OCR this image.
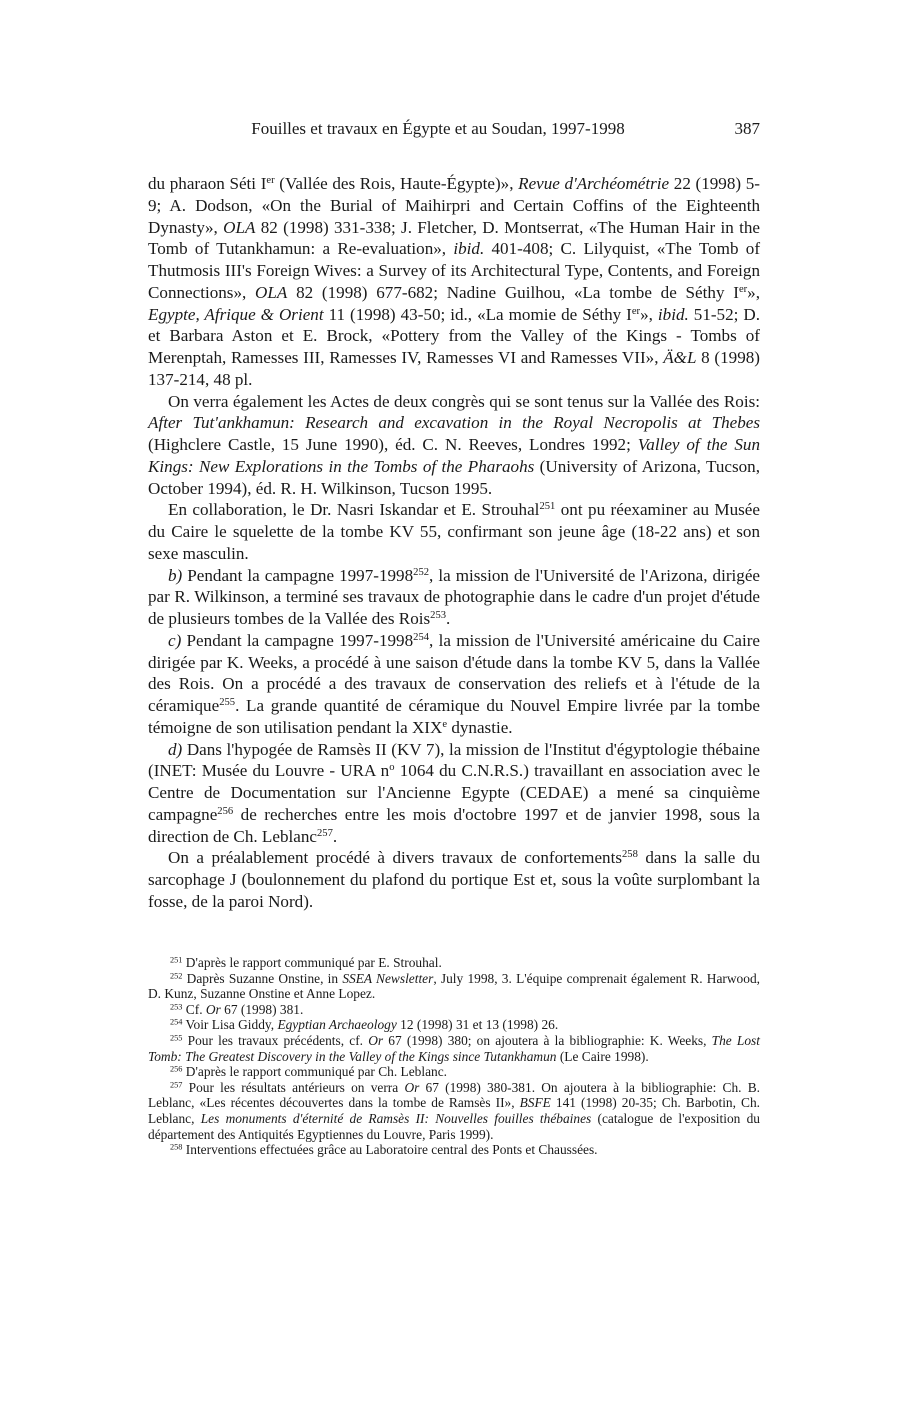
Fouilles et travaux en Égypte et au Soudan, 1997-1998	387

du pharaon Séti Ier (Vallée des Rois, Haute-Égypte)», Revue d'Archéométrie 22 (1998) 5-9; A. Dodson, «On the Burial of Maihirpri and Certain Coffins of the Eighteenth Dynasty», OLA 82 (1998) 331-338; J. Fletcher, D. Montserrat, «The Human Hair in the Tomb of Tutankhamun: a Re-evaluation», ibid. 401-408; C. Lilyquist, «The Tomb of Thutmosis III's Foreign Wives: a Survey of its Architectural Type, Contents, and Foreign Connections», OLA 82 (1998) 677-682; Nadine Guilhou, «La tombe de Séthy Ier», Egypte, Afrique & Orient 11 (1998) 43-50; id., «La momie de Séthy Ier», ibid. 51-52; D. et Barbara Aston et E. Brock, «Pottery from the Valley of the Kings - Tombs of Merenptah, Ramesses III, Ramesses IV, Ramesses VI and Ramesses VII», Ä&L 8 (1998) 137-214, 48 pl.

On verra également les Actes de deux congrès qui se sont tenus sur la Vallée des Rois: After Tut'ankhamun: Research and excavation in the Royal Necropolis at Thebes (Highclere Castle, 15 June 1990), éd. C. N. Reeves, Londres 1992; Valley of the Sun Kings: New Explorations in the Tombs of the Pharaohs (University of Arizona, Tucson, October 1994), éd. R. H. Wilkinson, Tucson 1995.

En collaboration, le Dr. Nasri Iskandar et E. Strouhal$^{251}$ ont pu réexaminer au Musée du Caire le squelette de la tombe KV 55, confirmant son jeune âge (18-22 ans) et son sexe masculin.

b) Pendant la campagne 1997-1998$^{252}$, la mission de l'Université de l'Arizona, dirigée par R. Wilkinson, a terminé ses travaux de photographie dans le cadre d'un projet d'étude de plusieurs tombes de la Vallée des Rois$^{253}$.

c) Pendant la campagne 1997-1998$^{254}$, la mission de l'Université américaine du Caire dirigée par K. Weeks, a procédé à une saison d'étude dans la tombe KV 5, dans la Vallée des Rois. On a procédé a des travaux de conservation des reliefs et à l'étude de la céramique$^{255}$. La grande quantité de céramique du Nouvel Empire livrée par la tombe témoigne de son utilisation pendant la XIXe dynastie.

d) Dans l'hypogée de Ramsès II (KV 7), la mission de l'Institut d'égyptologie thébaine (INET: Musée du Louvre - URA $n^o$ 1064 du C.N.R.S.) travaillant en association avec le Centre de Documentation sur l'Ancienne Egypte (CEDAE) a mené sa cinquième campagne$^{256}$ de recherches entre les mois d'octobre 1997 et de janvier 1998, sous la direction de Ch. Leblanc$^{257}$.

On a préalablement procédé à divers travaux de confortements$^{258}$ dans la salle du sarcophage J (boulonnement du plafond du portique Est et, sous la voûte surplombant la fosse, de la paroi Nord).

$^{251}$ D'après le rapport communiqué par E. Strouhal.

$^{252}$ Daprès Suzanne Onstine, in SSEA Newsletter, July 1998, 3. L'équipe comprenait également R. Harwood, D. Kunz, Suzanne Onstine et Anne Lopez.

$^{253}$ Cf. Or 67 (1998) 381.

$^{254}$ Voir Lisa Giddy, Egyptian Archaeology 12 (1998) 31 et 13 (1998) 26.

$^{255}$ Pour les travaux précédents, cf. Or 67 (1998) 380; on ajoutera à la bibliographie: K. Weeks, The Lost Tomb: The Greatest Discovery in the Valley of the Kings since Tutankhamun (Le Caire 1998).

$^{256}$ D'après le rapport communiqué par Ch. Leblanc.

$^{257}$ Pour les résultats antérieurs on verra Or 67 (1998) 380-381. On ajoutera à la bibliographie: Ch. B. Leblanc, «Les récentes découvertes dans la tombe de Ramsès II», BSFE 141 (1998) 20-35; Ch. Barbotin, Ch. Leblanc, Les monuments d'éternité de Ramsès II: Nouvelles fouilles thébaines (catalogue de l'exposition du département des Antiquités Egyptiennes du Louvre, Paris 1999).

$^{258}$ Interventions effectuées grâce au Laboratoire central des Ponts et Chaussées.
